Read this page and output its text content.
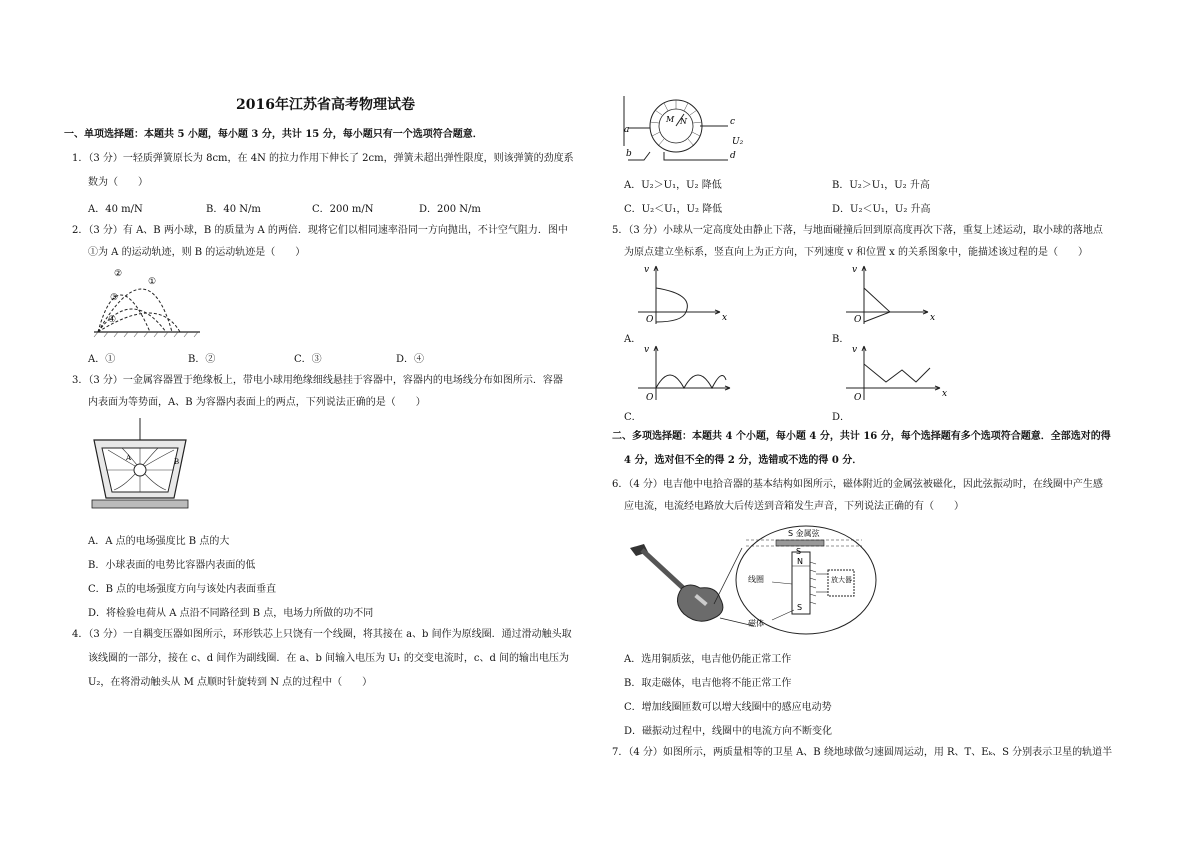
2016年江苏省高考物理试卷
一、单项选择题：本题共 5 小题，每小题 3 分，共计 15 分，每小题只有一个选项符合题意．
1．（3 分）一轻质弹簧原长为 8cm，在 4N 的拉力作用下伸长了 2cm，弹簧未超出弹性限度，则该弹簧的劲度系
数为（　　）
A．40 m/N	B．40 N/m	C．200 m/N	D．200 N/m
2．（3 分）有 A、B 两小球，B 的质量为 A 的两倍．现将它们以相同速率沿同一方向抛出，不计空气阻力．图中
①为 A 的运动轨迹，则 B 的运动轨迹是（　　）
②
③
④
①
A．①	B．②	C．③	D．④
3．（3 分）一金属容器置于绝缘板上，带电小球用绝缘细线悬挂于容器中，容器内的电场线分布如图所示．容器
内表面为等势面，A、B 为容器内表面上的两点，下列说法正确的是（　　）
A	B
A．A 点的电场强度比 B 点的大
B．小球表面的电势比容器内表面的低
C．B 点的电场强度方向与该处内表面垂直
D．将检验电荷从 A 点沿不同路径到 B 点，电场力所做的功不同
4．（3 分）一自耦变压器如图所示，环形铁芯上只饶有一个线圈，将其接在 a、b 间作为原线圈．通过滑动触头取
该线圈的一部分，接在 c、d 间作为副线圈．在 a、b 间输入电压为 U₁ 的交变电流时，c、d 间的输出电压为
U₂，在将滑动触头从 M 点顺时针旋转到 N 点的过程中（　　）
a
b
c
d
M N
U₂
A．U₂＞U₁，U₂ 降低	B．U₂＞U₁，U₂ 升高
C．U₂＜U₁，U₂ 降低	D．U₂＜U₁，U₂ 升高
5．（3 分）小球从一定高度处由静止下落，与地面碰撞后回到原高度再次下落，重复上述运动，取小球的落地点
为原点建立坐标系，竖直向上为正方向，下列速度 v 和位置 x 的关系图象中，能描述该过程的是（　　）
v
x
O
A．
v
x
O
B．
v
O
C．
v
x
O
D．
二、多项选择题：本题共 4 个小题，每小题 4 分，共计 16 分，每个选择题有多个选项符合题意．全部选对的得
4 分，选对但不全的得 2 分，选错或不选的得 0 分．
6．（4 分）电吉他中电拾音器的基本结构如图所示，磁体附近的金属弦被磁化，因此弦振动时，在线圈中产生感
应电流，电流经电路放大后传送到音箱发生声音，下列说法正确的有（　　）
S 金属弦
S
N
线圈	放大器
S
磁体
A．选用铜质弦，电吉他仍能正常工作
B．取走磁体，电吉他将不能正常工作
C．增加线圈匝数可以增大线圈中的感应电动势
D．磁振动过程中，线圈中的电流方向不断变化
7．（4 分）如图所示，两质量相等的卫星 A、B 绕地球做匀速圆周运动，用 R、T、Eₖ、S 分别表示卫星的轨道半
